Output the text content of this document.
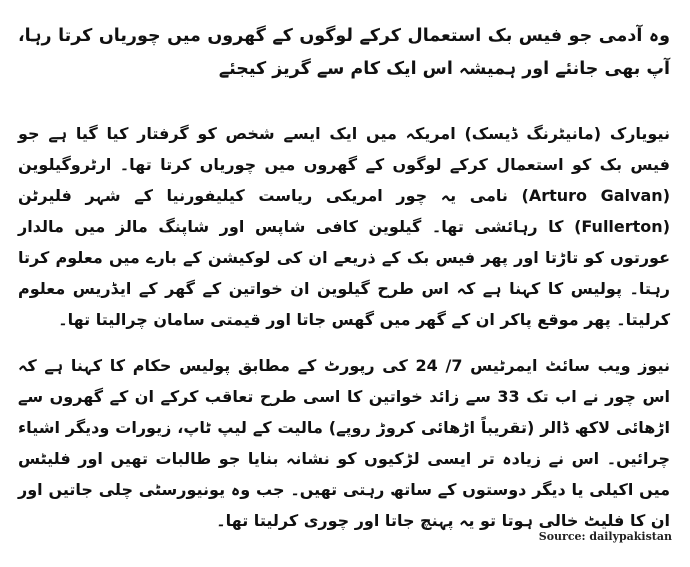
وہ آدمی جو فیس بک استعمال کرکے لوگوں کے گھروں میں چوریاں کرتا رہا، آپ بھی جانئے اور ہمیشہ اس ایک کام سے گریز کیجئے

نیویارک (مانیٹرنگ ڈیسک) امریکہ میں ایک ایسے شخص کو گرفتار کیا گیا ہے جو فیس بک کو استعمال کرکے لوگوں کے گھروں میں چوریاں کرتا تھا۔ ارٹروگیلوین (Arturo Galvan) نامی یہ چور امریکی ریاست کیلیفورنیا کے شہر فلیرٹن (Fullerton) کا رہائشی تھا۔ گیلوین کافی شاپس اور شاپنگ مالز میں مالدار عورتوں کو تاڑتا اور پھر فیس بک کے ذریعے ان کی لوکیشن کے بارے میں معلوم کرتا رہتا۔ پولیس کا کہنا ہے کہ اس طرح گیلوین ان خواتین کے گھر کے ایڈریس معلوم کرلیتا۔ پھر موقع پاکر ان کے گھر میں گھس جاتا اور قیمتی سامان چرالیتا تھا۔

نیوز ویب سائٹ ایمرٹیس 7/ 24 کی رپورٹ کے مطابق پولیس حکام کا کہنا ہے کہ اس چور نے اب تک 33 سے زائد خواتین کا اسی طرح تعاقب کرکے ان کے گھروں سے اڑھائی لاکھ ڈالر (تقریباً اڑھائی کروڑ روپے) مالیت کے لیپ ٹاپ، زیورات ودیگر اشیاء چرائیں۔ اس نے زیادہ تر ایسی لڑکیوں کو نشانہ بنایا جو طالبات تھیں اور فلیٹس میں اکیلی یا دیگر دوستوں کے ساتھ رہتی تھیں۔ جب وہ یونیورسٹی چلی جاتیں اور ان کا فلیٹ خالی ہوتا تو یہ پہنچ جاتا اور چوری کرلیتا تھا۔

Source: dailypakistan
